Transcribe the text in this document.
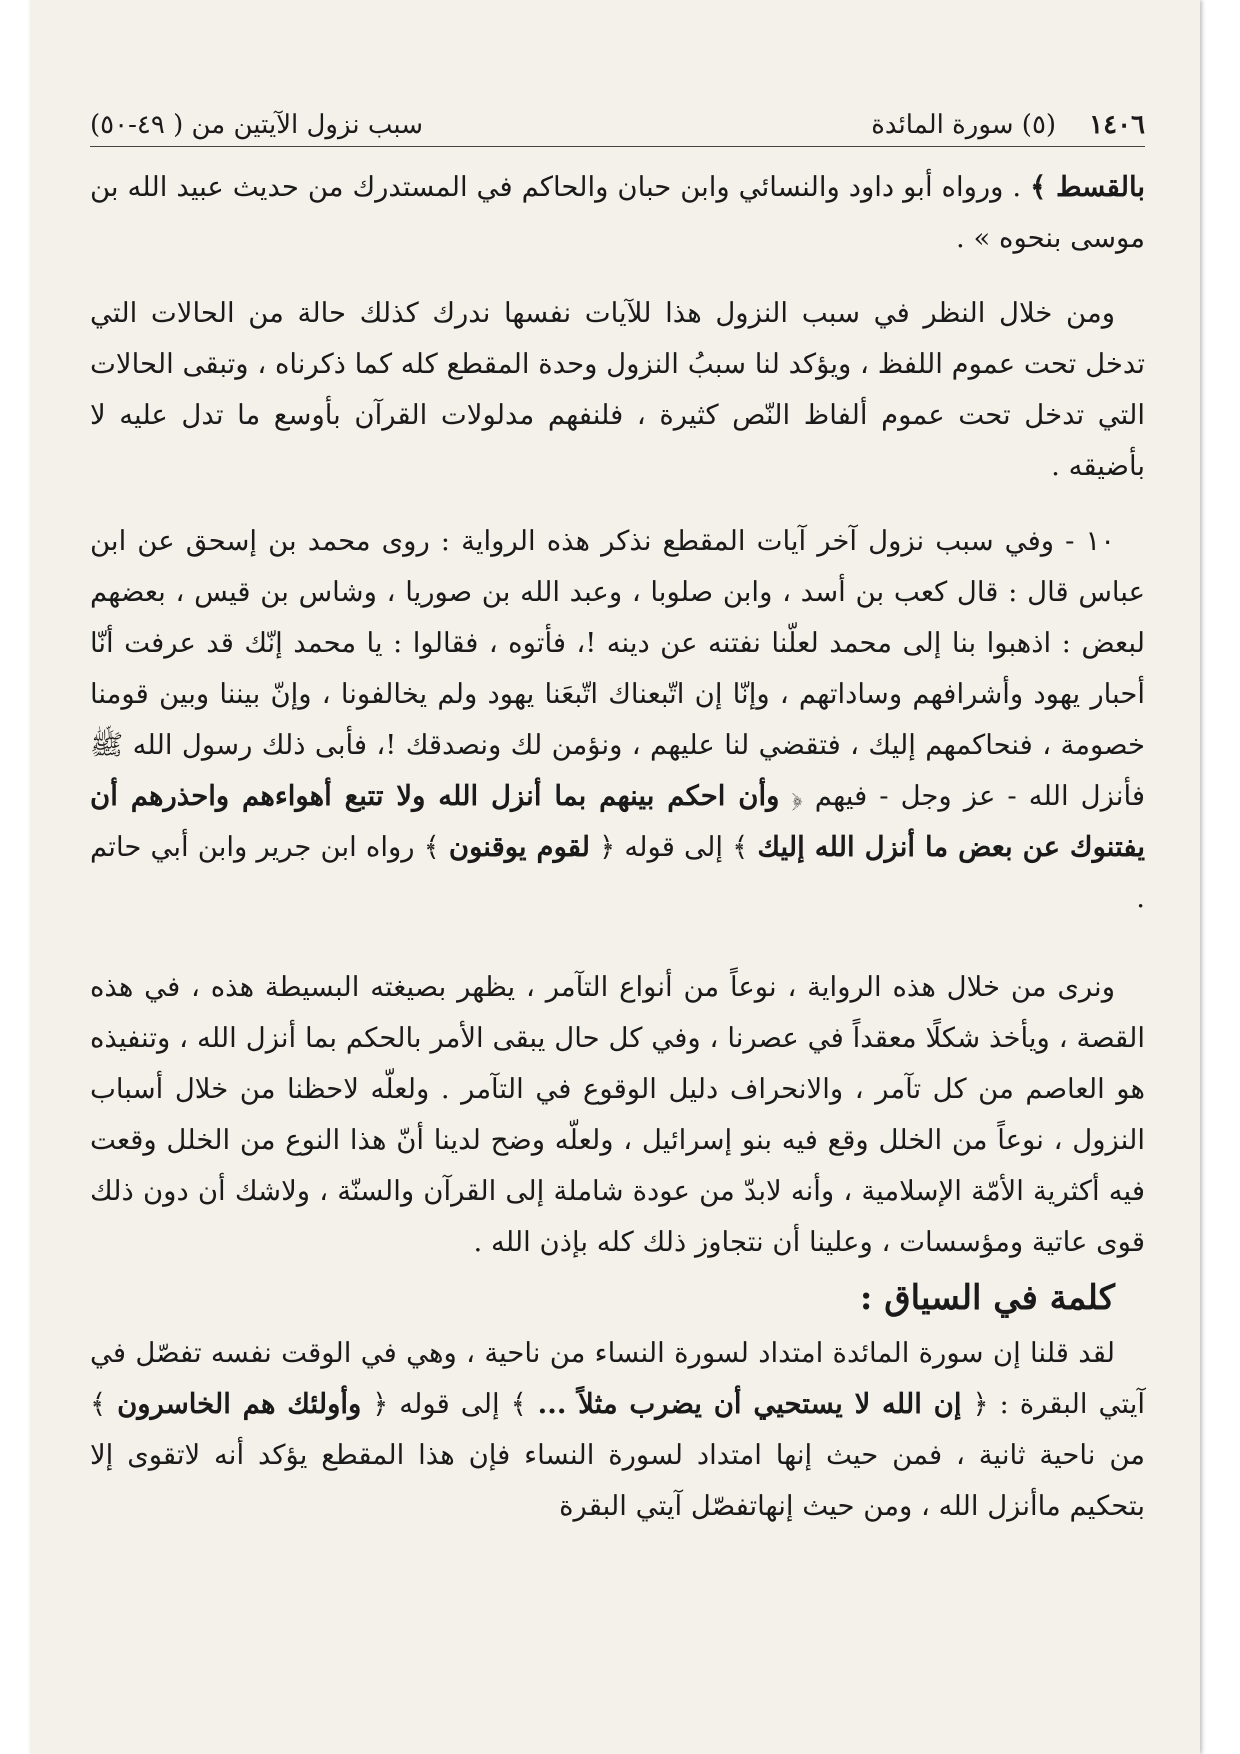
١٤٠٦    (٥) سورة المائدة
سبب نزول الآيتين من ( ٤٩-٥٠)

بالقسط ﴾ . ورواه أبو داود والنسائي وابن حبان والحاكم في المستدرك من حديث عبيد الله بن موسى بنحوه » .

ومن خلال النظر في سبب النزول هذا للآيات نفسها ندرك كذلك حالة من الحالات التي تدخل تحت عموم اللفظ ، ويؤكد لنا سببُ النزول وحدة المقطع كله كما ذكرناه ، وتبقى الحالات التي تدخل تحت عموم ألفاظ النّص كثيرة ، فلنفهم مدلولات القرآن بأوسع ما تدل عليه لا بأضيقه .

١٠ - وفي سبب نزول آخر آيات المقطع نذكر هذه الرواية : روى محمد بن إسحق عن ابن عباس قال : قال كعب بن أسد ، وابن صلوبا ، وعبد الله بن صوريا ، وشاس بن قيس ، بعضهم لبعض : اذهبوا بنا إلى محمد لعلّنا نفتنه عن دينه !، فأتوه ، فقالوا : يا محمد إنّك قد عرفت أنّا أحبار يهود وأشرافهم وساداتهم ، وإنّا إن اتّبعناك اتّبعَنا يهود ولم يخالفونا ، وإنّ بيننا وبين قومنا خصومة ، فنحاكمهم إليك ، فتقضي لنا عليهم ، ونؤمن لك ونصدقك !، فأبى ذلك رسول الله ﷺ فأنزل الله - عز وجل - فيهم ﴿ وأن احكم بينهم بما أنزل الله ولا تتبع أهواءهم واحذرهم أن يفتنوك عن بعض ما أنزل الله إليك ﴾ إلى قوله ﴿ لقوم يوقنون ﴾ رواه ابن جرير وابن أبي حاتم .

ونرى من خلال هذه الرواية ، نوعاً من أنواع التآمر ، يظهر بصيغته البسيطة هذه ، في هذه القصة ، ويأخذ شكلًا معقداً في عصرنا ، وفي كل حال يبقى الأمر بالحكم بما أنزل الله ، وتنفيذه هو العاصم من كل تآمر ، والانحراف دليل الوقوع في التآمر . ولعلّه لاحظنا من خلال أسباب النزول ، نوعاً من الخلل وقع فيه بنو إسرائيل ، ولعلّه وضح لدينا أنّ هذا النوع من الخلل وقعت فيه أكثرية الأمّة الإسلامية ، وأنه لابدّ من عودة شاملة إلى القرآن والسنّة ، ولاشك أن دون ذلك قوى عاتية ومؤسسات ، وعلينا أن نتجاوز ذلك كله بإذن الله .

كلمة في السياق :

لقد قلنا إن سورة المائدة امتداد لسورة النساء من ناحية ، وهي في الوقت نفسه تفصّل في آيتي البقرة : ﴿ إن الله لا يستحيي أن يضرب مثلاً ... ﴾ إلى قوله ﴿ وأولئك هم الخاسرون ﴾ من ناحية ثانية ، فمن حيث إنها امتداد لسورة النساء فإن هذا المقطع يؤكد أنه لاتقوى إلا بتحكيم ماأنزل الله ، ومن حيث إنهاتفصّل آيتي البقرة
